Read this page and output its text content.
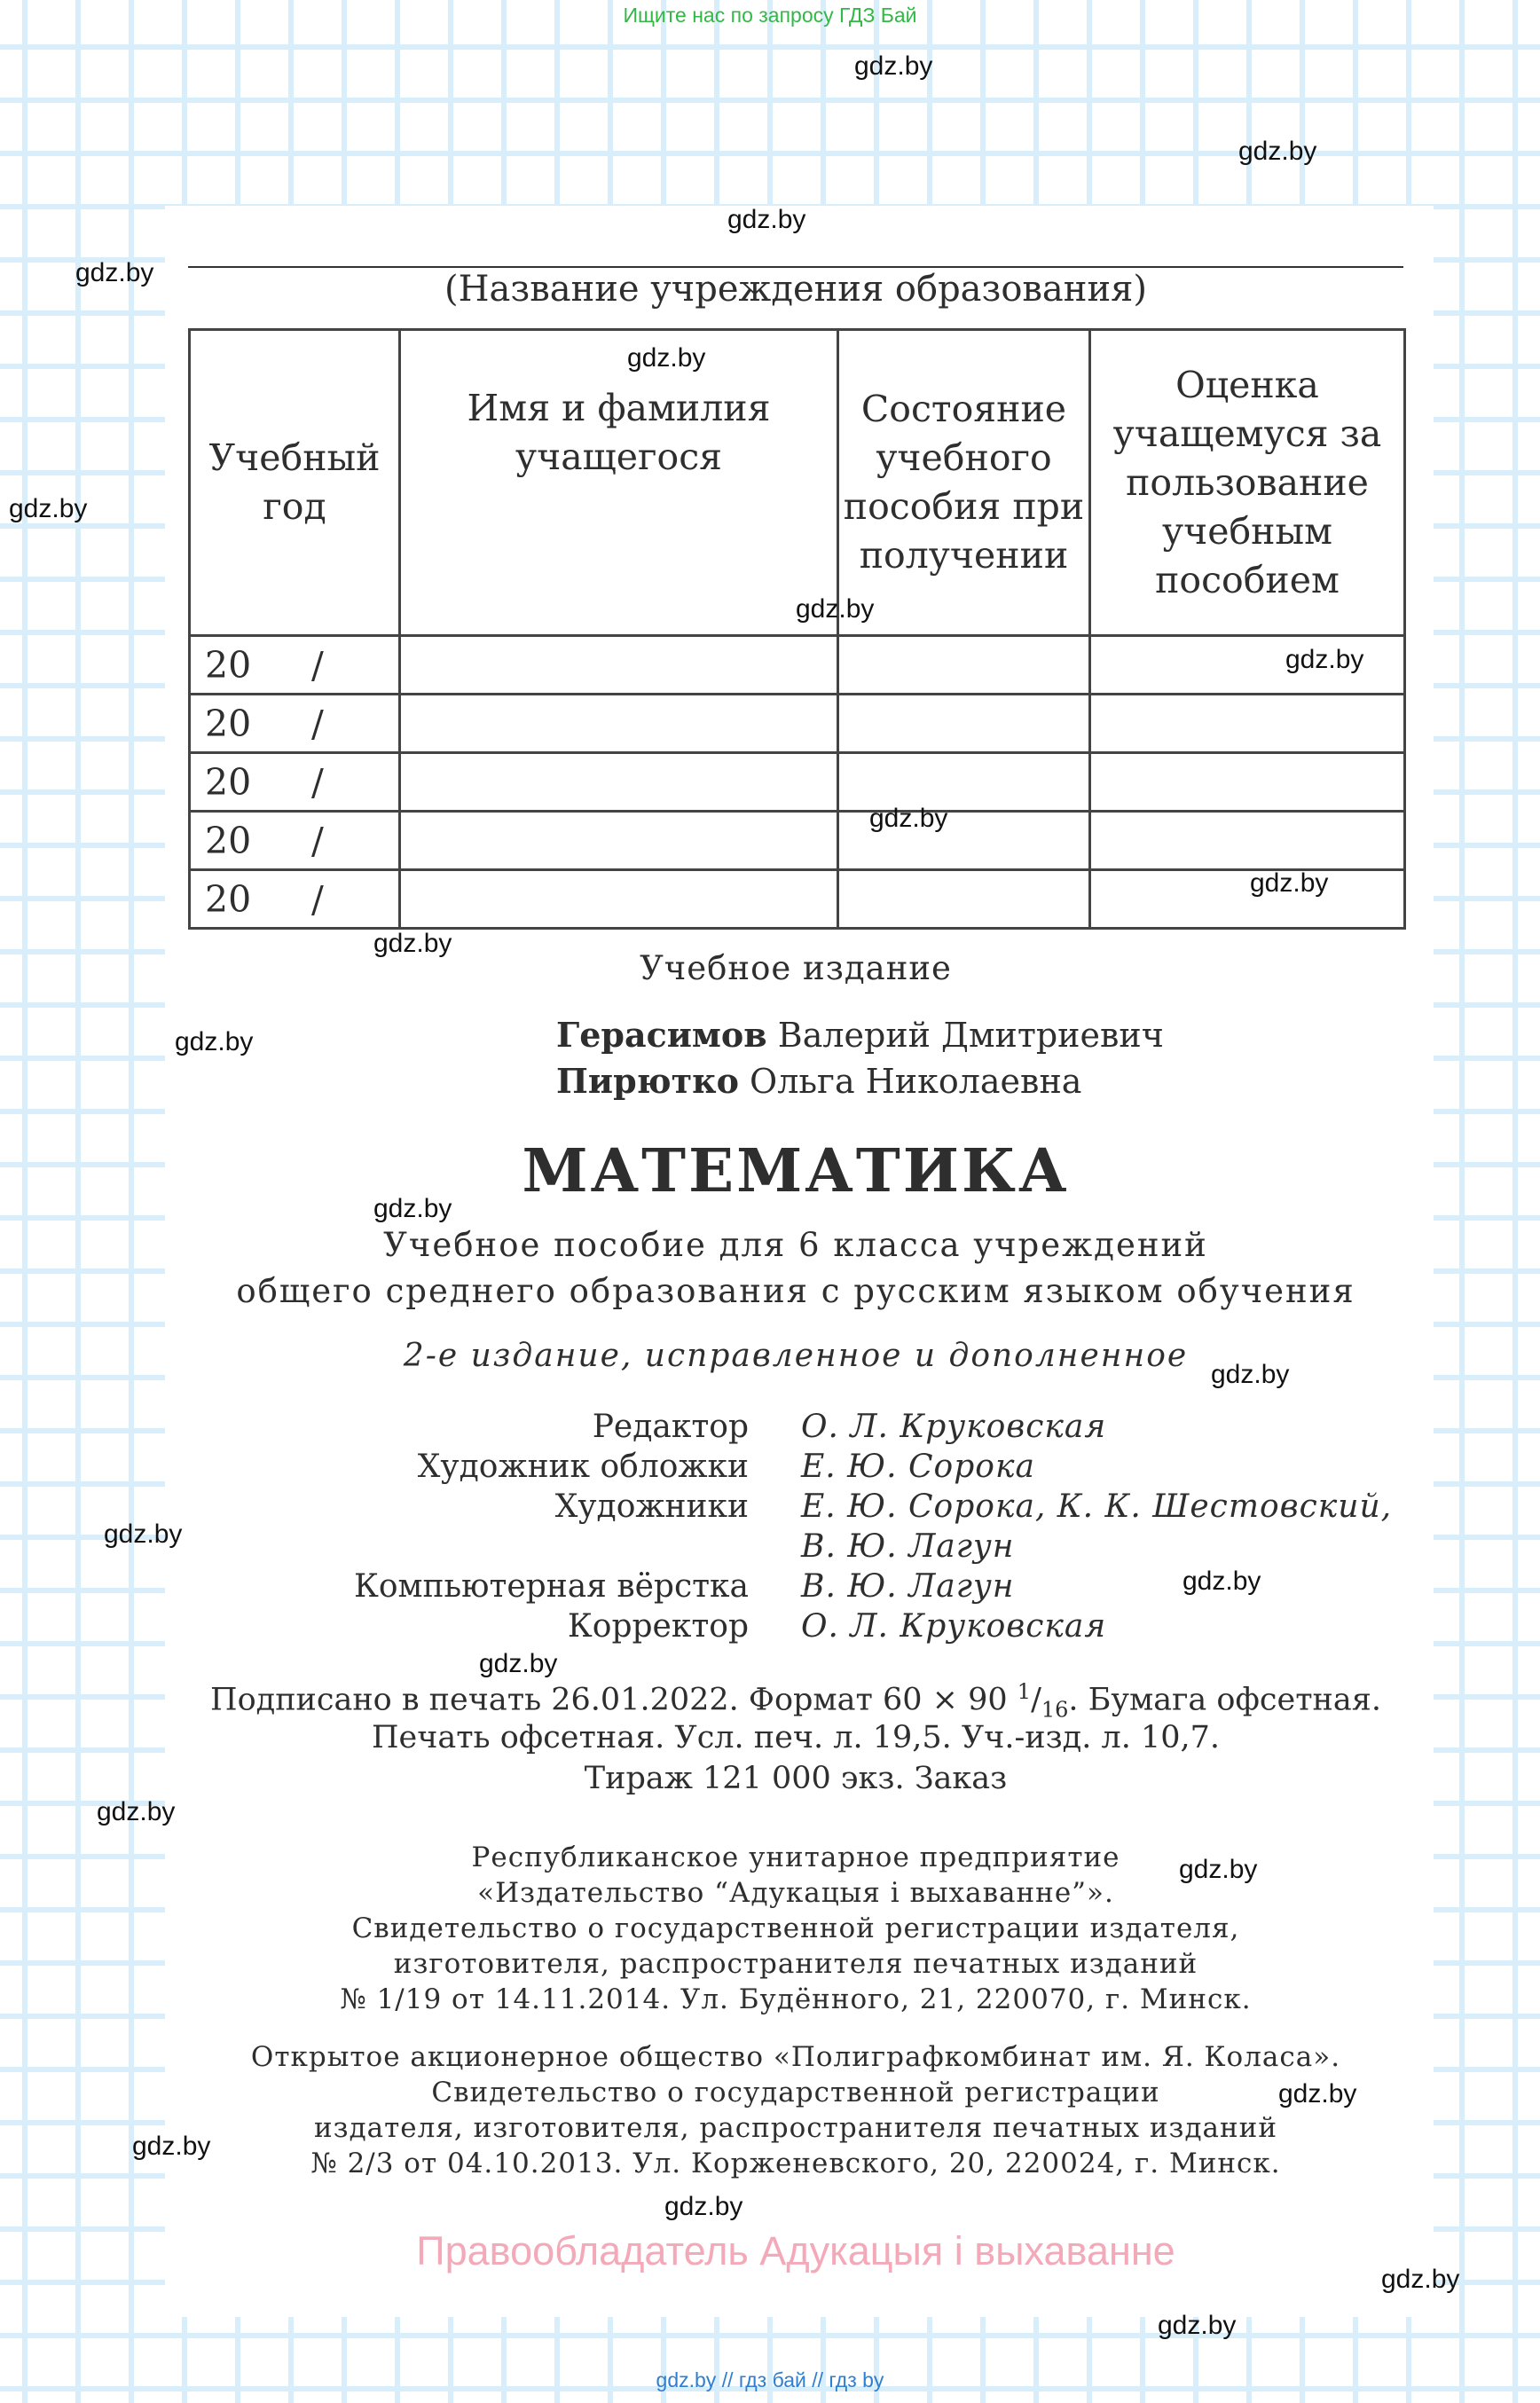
Ищите нас по запросу ГДЗ Бай
(Название учреждения образования)
Учебный год	Имя и фамилия учащегося	Состояние учебного пособия при получении	Оценка учащемуся за пользование учебным пособием
20 /			
20 /			
20 /			
20 /			
20 /			
Учебное издание
Герасимов Валерий Дмитриевич
Пирютко Ольга Николаевна
МАТЕМАТИКА
Учебное пособие для 6 класса учреждений
общего среднего образования с русским языком обучения
2-е издание, исправленное и дополненное
Редактор О. Л. Круковская
Художник обложки Е. Ю. Сорока
Художники Е. Ю. Сорока, К. К. Шестовский,
В. Ю. Лагун
Компьютерная вёрстка В. Ю. Лагун
Корректор О. Л. Круковская
Подписано в печать 26.01.2022. Формат 60 × 90 $^1/_{16}$. Бумага офсетная.
Печать офсетная. Усл. печ. л. 19,5. Уч.-изд. л. 10,7.
Тираж 121 000 экз. Заказ
Республиканское унитарное предприятие
«Издательство “Адукацыя і выхаванне”».
Свидетельство о государственной регистрации издателя,
изготовителя, распространителя печатных изданий
№ 1/19 от 14.11.2014. Ул. Будённого, 21, 220070, г. Минск.
Открытое акционерное общество «Полиграфкомбинат им. Я. Коласа».
Свидетельство о государственной регистрации
издателя, изготовителя, распространителя печатных изданий
№ 2/3 от 04.10.2013. Ул. Корженевского, 20, 220024, г. Минск.
Правообладатель Адукацыя і выхаванне
gdz.by
gdz.by
gdz.by
gdz.by
gdz.by
gdz.by
gdz.by
gdz.by
gdz.by
gdz.by
gdz.by
gdz.by
gdz.by
gdz.by
gdz.by
gdz.by
gdz.by
gdz.by
gdz.by
gdz.by
gdz.by
gdz.by
gdz.by
gdz.by
gdz.by // гдз бай // гдз by
